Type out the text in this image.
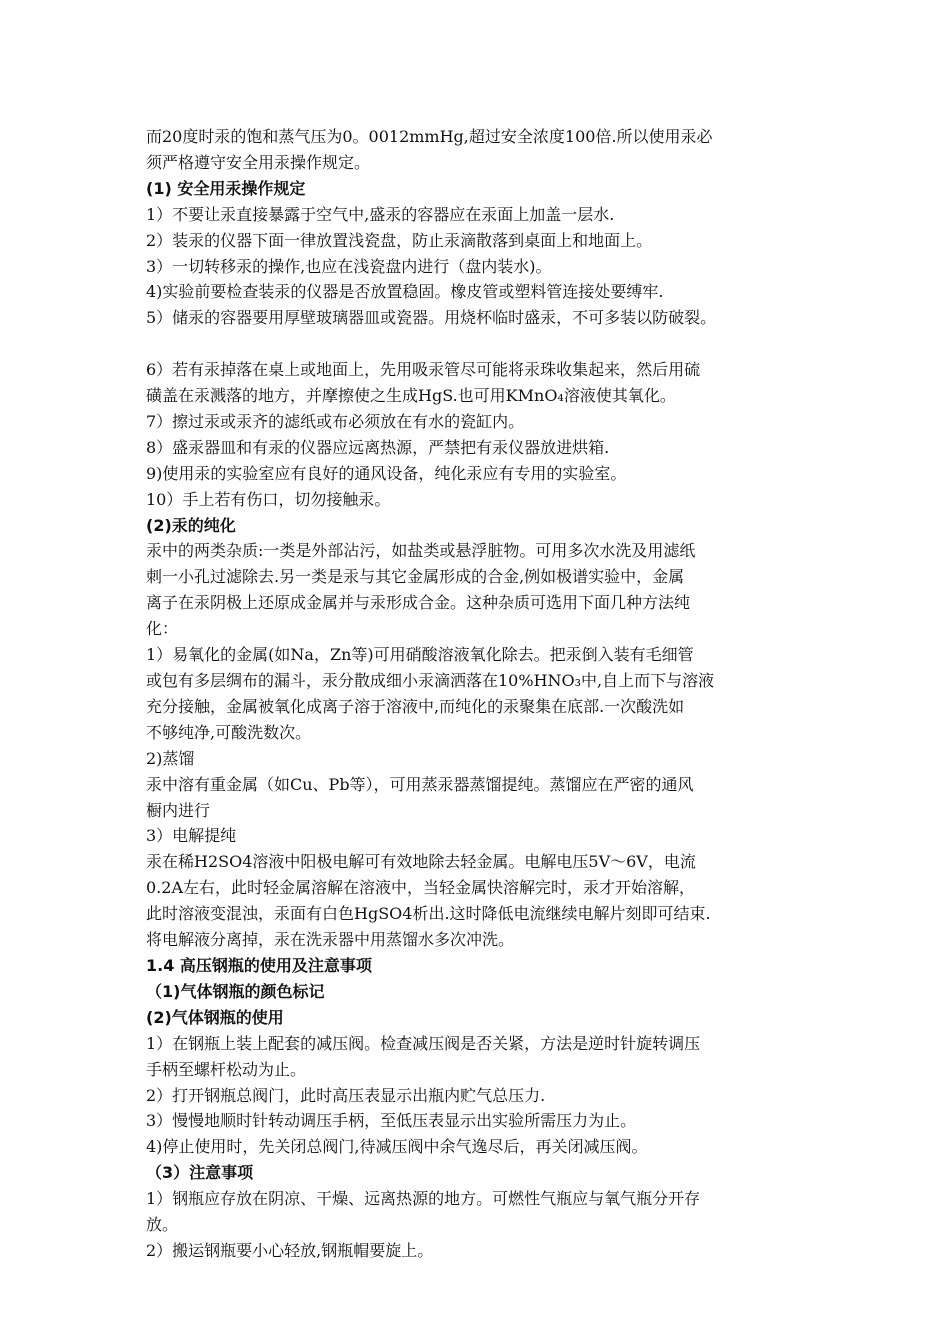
而20度时汞的饱和蒸气压为0。0012mmHg,超过安全浓度100倍.所以使用汞必
须严格遵守安全用汞操作规定。
(1) 安全用汞操作规定
1）不要让汞直接暴露于空气中,盛汞的容器应在汞面上加盖一层水.
2）装汞的仪器下面一律放置浅瓷盘，防止汞滴散落到桌面上和地面上。
3）一切转移汞的操作,也应在浅瓷盘内进行（盘内装水)。
4)实验前要检查装汞的仪器是否放置稳固。橡皮管或塑料管连接处要缚牢.
5）储汞的容器要用厚壁玻璃器皿或瓷器。用烧杯临时盛汞，不可多装以防破裂。
6）若有汞掉落在桌上或地面上，先用吸汞管尽可能将汞珠收集起来，然后用硫
磺盖在汞溅落的地方，并摩擦使之生成HgS.也可用KMnO₄溶液使其氧化。
7）擦过汞或汞齐的滤纸或布必须放在有水的瓷缸内。
8）盛汞器皿和有汞的仪器应远离热源，严禁把有汞仪器放进烘箱.
9)使用汞的实验室应有良好的通风设备，纯化汞应有专用的实验室。
10）手上若有伤口，切勿接触汞。
(2)汞的纯化
汞中的两类杂质:一类是外部沾污，如盐类或悬浮脏物。可用多次水洗及用滤纸
刺一小孔过滤除去.另一类是汞与其它金属形成的合金,例如极谱实验中，金属
离子在汞阴极上还原成金属并与汞形成合金。这种杂质可选用下面几种方法纯
化：
1）易氧化的金属(如Na，Zn等)可用硝酸溶液氧化除去。把汞倒入装有毛细管
或包有多层绸布的漏斗，汞分散成细小汞滴洒落在10%HNO₃中,自上而下与溶液
充分接触，金属被氧化成离子溶于溶液中,而纯化的汞聚集在底部.一次酸洗如
不够纯净,可酸洗数次。
2)蒸馏
汞中溶有重金属（如Cu、Pb等），可用蒸汞器蒸馏提纯。蒸馏应在严密的通风
橱内进行
3）电解提纯
汞在稀H2SO4溶液中阳极电解可有效地除去轻金属。电解电压5V～6V，电流
0.2A左右，此时轻金属溶解在溶液中，当轻金属快溶解完时，汞才开始溶解，
此时溶液变混浊，汞面有白色HgSO4析出.这时降低电流继续电解片刻即可结束.
将电解液分离掉，汞在洗汞器中用蒸馏水多次冲洗。
1.4 高压钢瓶的使用及注意事项
（1)气体钢瓶的颜色标记
(2)气体钢瓶的使用
1）在钢瓶上装上配套的减压阀。检查减压阀是否关紧，方法是逆时针旋转调压
手柄至螺杆松动为止。
2）打开钢瓶总阀门，此时高压表显示出瓶内贮气总压力.
3）慢慢地顺时针转动调压手柄，至低压表显示出实验所需压力为止。
4)停止使用时，先关闭总阀门,待减压阀中余气逸尽后，再关闭减压阀。
（3）注意事项
1）钢瓶应存放在阴凉、干燥、远离热源的地方。可燃性气瓶应与氧气瓶分开存
放。
2）搬运钢瓶要小心轻放,钢瓶帽要旋上。
